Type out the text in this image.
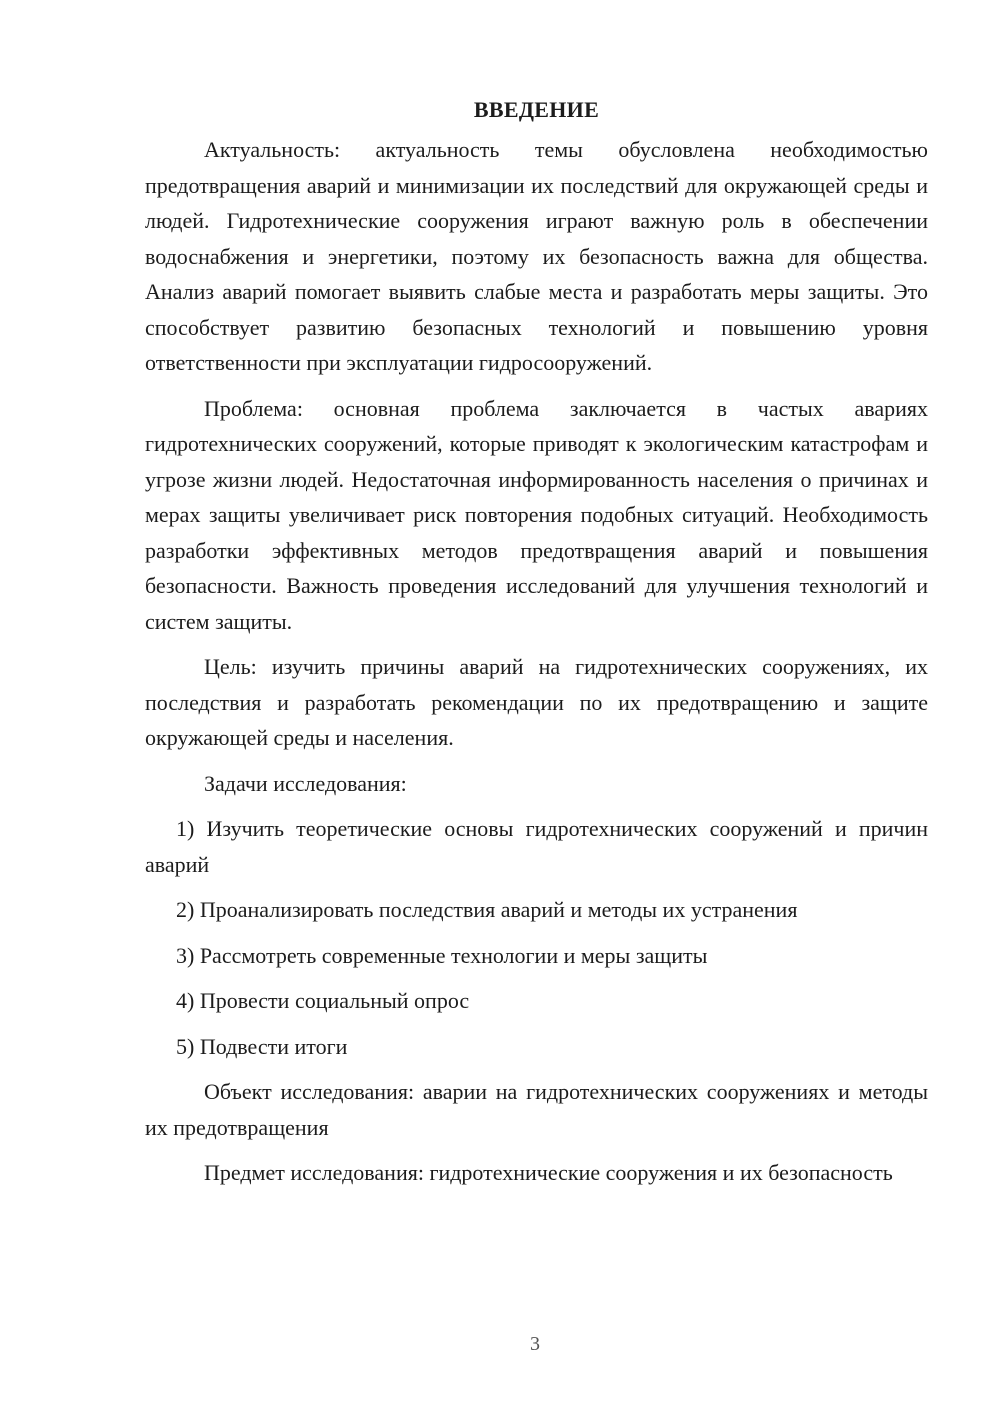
ВВЕДЕНИЕ

Актуальность: актуальность темы обусловлена необходимостью предотвращения аварий и минимизации их последствий для окружающей среды и людей. Гидротехнические сооружения играют важную роль в обеспечении водоснабжения и энергетики, поэтому их безопасность важна для общества. Анализ аварий помогает выявить слабые места и разработать меры защиты. Это способствует развитию безопасных технологий и повышению уровня ответственности при эксплуатации гидросооружений.

Проблема: основная проблема заключается в частых авариях гидротехнических сооружений, которые приводят к экологическим катастрофам и угрозе жизни людей. Недостаточная информированность населения о причинах и мерах защиты увеличивает риск повторения подобных ситуаций. Необходимость разработки эффективных методов предотвращения аварий и повышения безопасности. Важность проведения исследований для улучшения технологий и систем защиты.

Цель: изучить причины аварий на гидротехнических сооружениях, их последствия и разработать рекомендации по их предотвращению и защите окружающей среды и населения.

Задачи исследования:

1) Изучить теоретические основы гидротехнических сооружений и причин аварий

2) Проанализировать последствия аварий и методы их устранения

3) Рассмотреть современные технологии и меры защиты

4) Провести социальный опрос

5) Подвести итоги

Объект исследования: аварии на гидротехнических сооружениях и методы их предотвращения

Предмет исследования: гидротехнические сооружения и их безопасность

3
